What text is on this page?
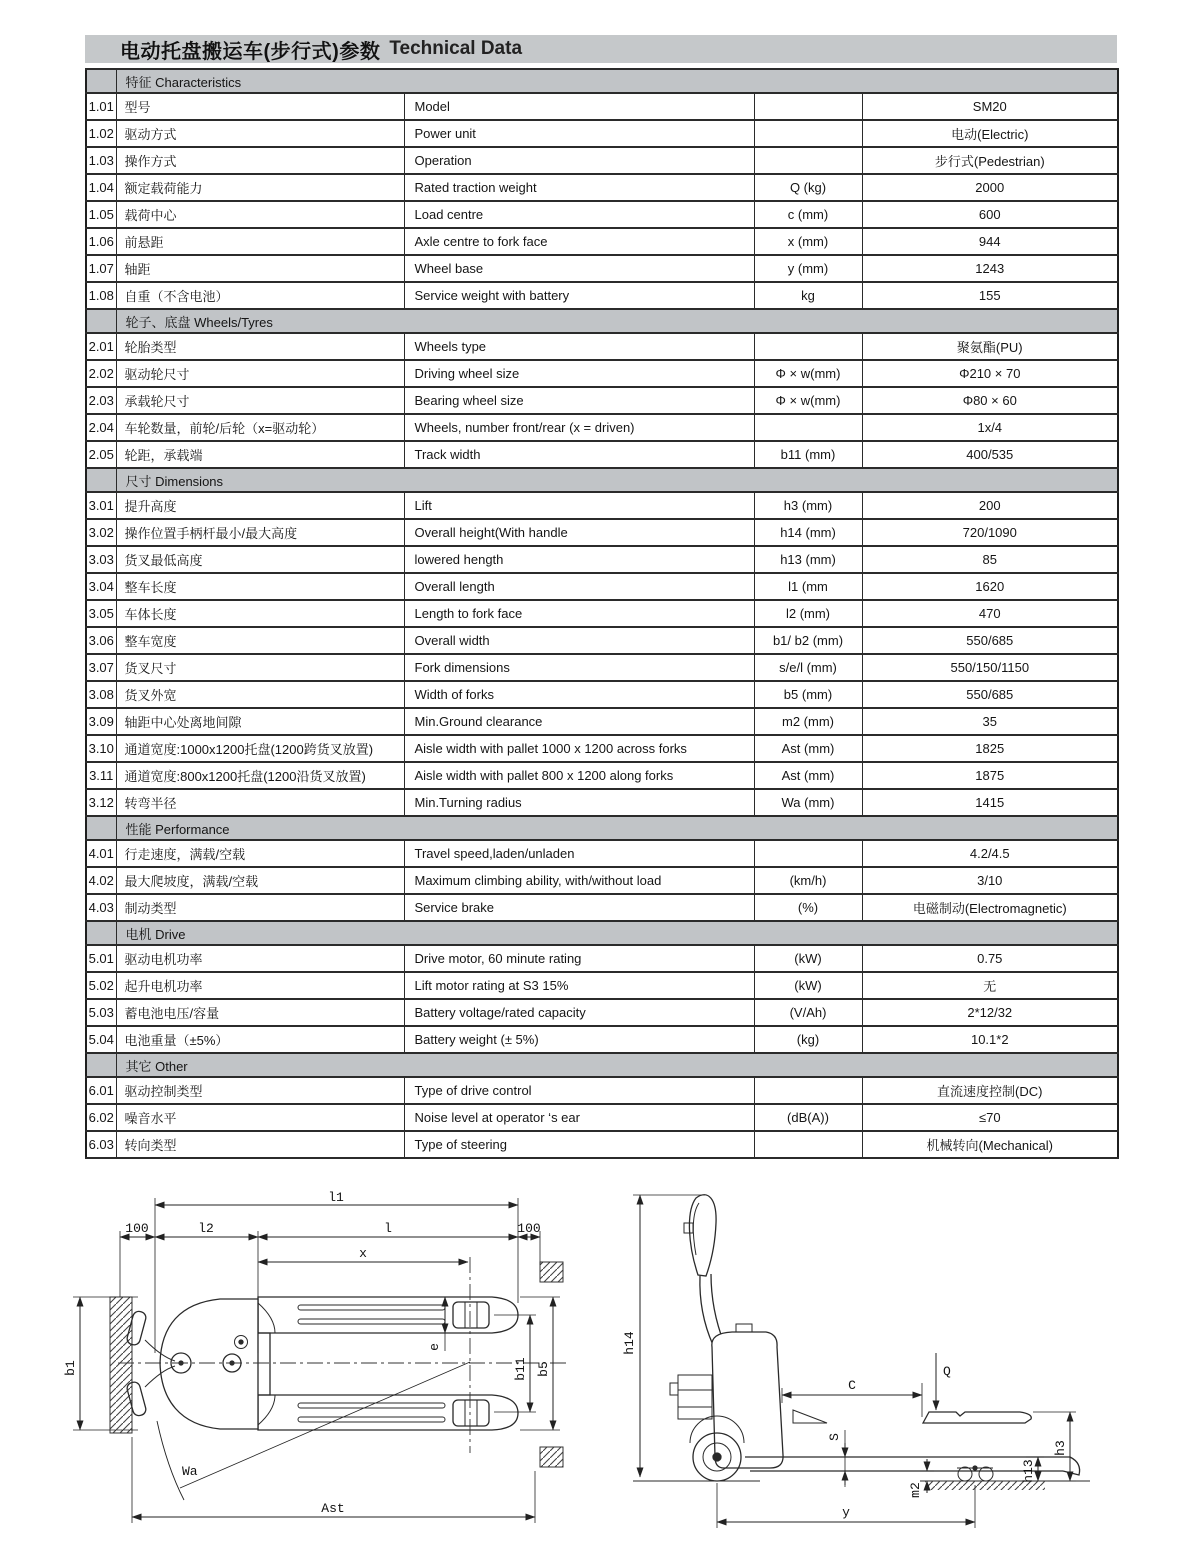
电动托盘搬运车(步行式)参数 Technical Data
	特征 Characteristics			
1.01	型号	Model		SM20
1.02	驱动方式	Power unit		电动(Electric)
1.03	操作方式	Operation		步行式(Pedestrian)
1.04	额定载荷能力	Rated traction weight	Q (kg)	2000
1.05	载荷中心	Load centre	c (mm)	600
1.06	前悬距	Axle centre to fork face	x (mm)	944
1.07	轴距	Wheel base	y (mm)	1243
1.08	自重（不含电池）	Service weight with battery	kg	155
	轮子、底盘 Wheels/Tyres			
2.01	轮胎类型	Wheels type		聚氨酯(PU)
2.02	驱动轮尺寸	Driving wheel size	Φ × w(mm)	Φ210 × 70
2.03	承载轮尺寸	Bearing wheel size	Φ × w(mm)	Φ80 × 60
2.04	车轮数量，前轮/后轮（x=驱动轮）	Wheels, number front/rear (x = driven)		1x/4
2.05	轮距，承载端	Track width	b11 (mm)	400/535
	尺寸 Dimensions			
3.01	提升高度	Lift	h3 (mm)	200
3.02	操作位置手柄杆最小/最大高度	Overall height(With handle	h14 (mm)	720/1090
3.03	货叉最低高度	lowered hength	h13 (mm)	85
3.04	整车长度	Overall length	l1 (mm	1620
3.05	车体长度	Length to fork face	l2 (mm)	470
3.06	整车宽度	Overall width	b1/ b2 (mm)	550/685
3.07	货叉尺寸	Fork dimensions	s/e/l (mm)	550/150/1150
3.08	货叉外宽	Width of forks	b5 (mm)	550/685
3.09	轴距中心处离地间隙	Min.Ground clearance	m2 (mm)	35
3.10	通道宽度:1000x1200托盘(1200跨货叉放置)	Aisle width with pallet 1000 x 1200 across forks	Ast (mm)	1825
3.11	通道宽度:800x1200托盘(1200沿货叉放置)	Aisle width with pallet 800 x 1200 along forks	Ast (mm)	1875
3.12	转弯半径	Min.Turning radius	Wa (mm)	1415
	性能 Performance			
4.01	行走速度，满载/空载	Travel speed,laden/unladen		4.2/4.5
4.02	最大爬坡度，满载/空载	Maximum climbing ability, with/without load	(km/h)	3/10
4.03	制动类型	Service brake	(%)	电磁制动(Electromagnetic)
	电机 Drive			
5.01	驱动电机功率	Drive motor, 60 minute rating	(kW)	0.75
5.02	起升电机功率	Lift motor rating at S3 15%	(kW)	无
5.03	蓄电池电压/容量	Battery voltage/rated capacity	(V/Ah)	2*12/32
5.04	电池重量（±5%）	Battery weight (± 5%)	(kg)	10.1*2
	其它 Other			
6.01	驱动控制类型	Type of drive control		直流速度控制(DC)
6.02	噪音水平	Noise level at operator ‘s ear	(dB(A))	≤70
6.03	转向类型	Type of steering		机械转向(Mechanical)
l1
100	l2	l	100
x
b1
e
b11 b5
Wa
Ast
h14
Q
C
S
h3
h13
m2
y
